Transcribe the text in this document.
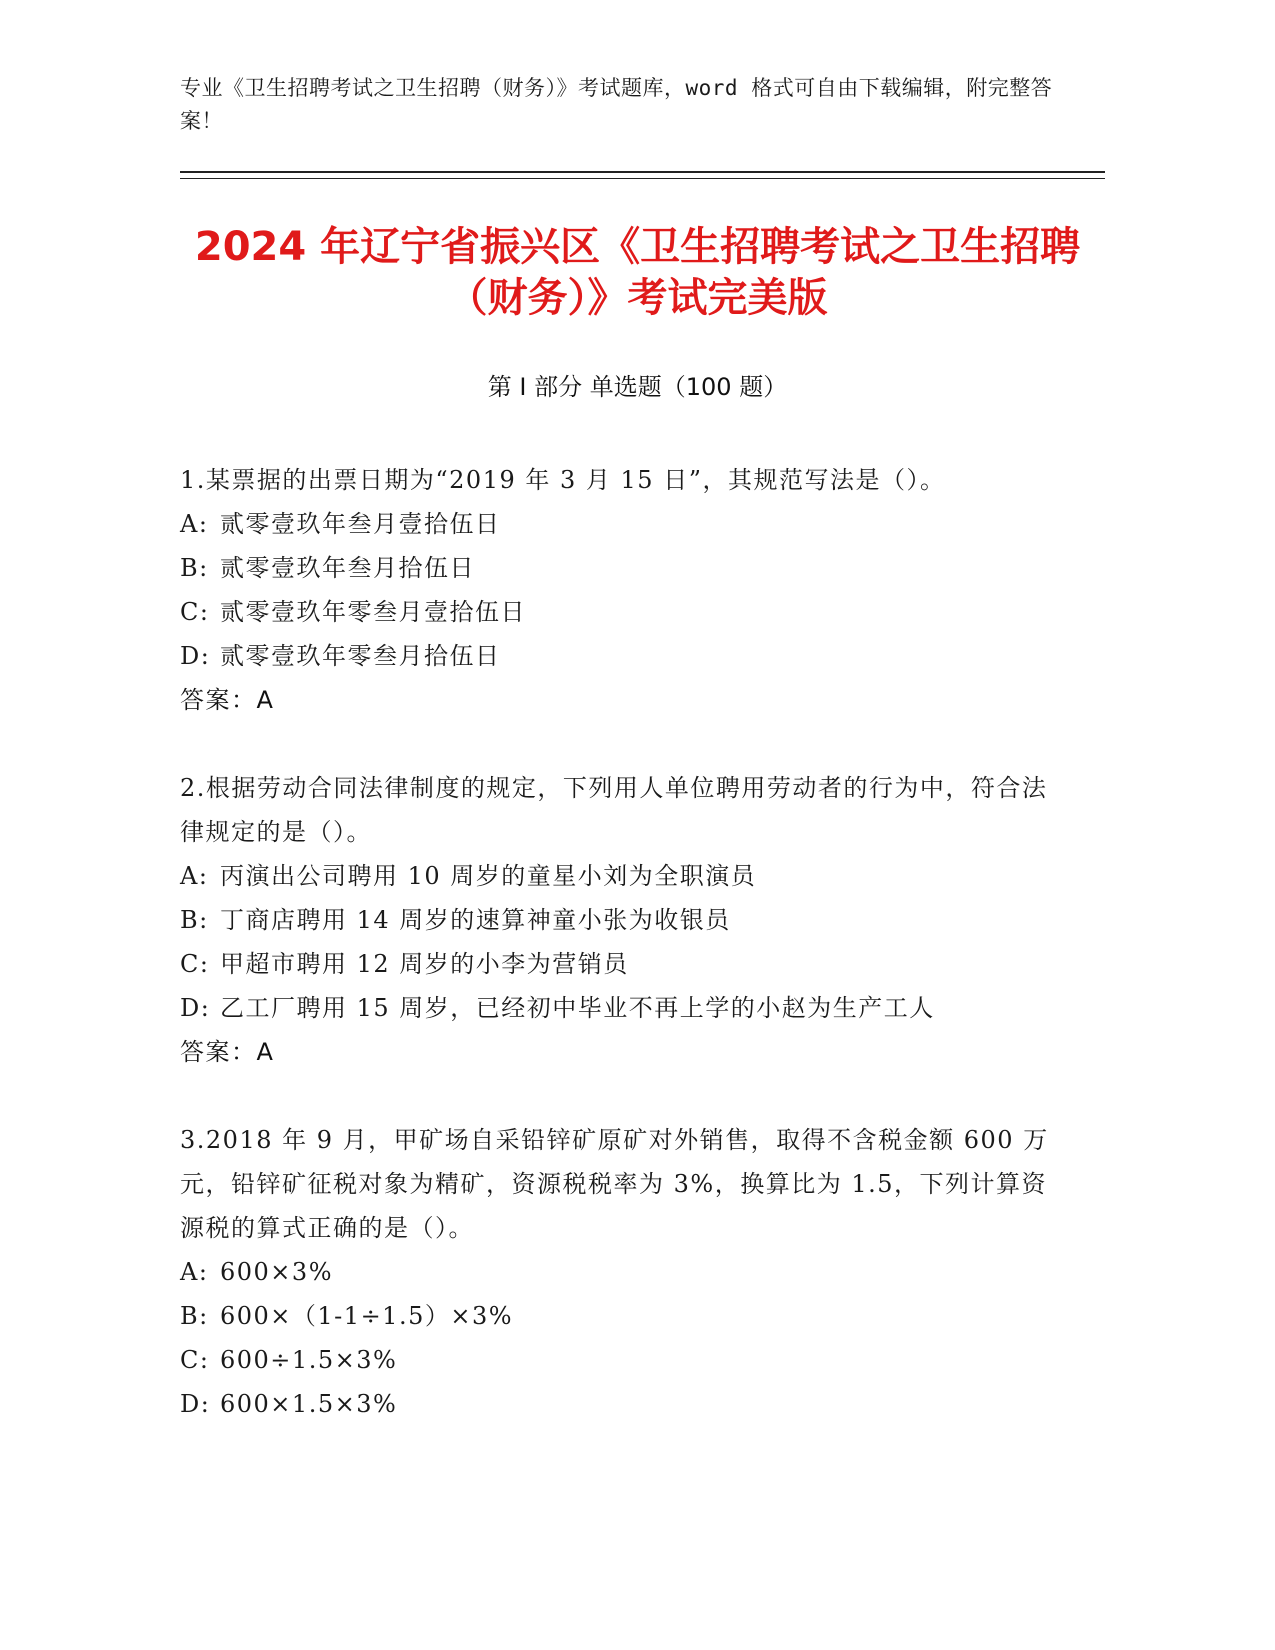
专业《卫生招聘考试之卫生招聘（财务）》考试题库，word 格式可自由下载编辑，附完整答案！
2024 年辽宁省振兴区《卫生招聘考试之卫生招聘（财务）》考试完美版
第 I 部分 单选题（100 题）
1.某票据的出票日期为“2019 年 3 月 15 日”，其规范写法是（）。
A: 贰零壹玖年叁月壹拾伍日
B: 贰零壹玖年叁月拾伍日
C: 贰零壹玖年零叁月壹拾伍日
D: 贰零壹玖年零叁月拾伍日
答案：A
2.根据劳动合同法律制度的规定，下列用人单位聘用劳动者的行为中，符合法律规定的是（）。
A: 丙演出公司聘用 10 周岁的童星小刘为全职演员
B: 丁商店聘用 14 周岁的速算神童小张为收银员
C: 甲超市聘用 12 周岁的小李为营销员
D: 乙工厂聘用 15 周岁，已经初中毕业不再上学的小赵为生产工人
答案：A
3.2018 年 9 月，甲矿场自采铅锌矿原矿对外销售，取得不含税金额 600 万元，铅锌矿征税对象为精矿，资源税税率为 3%，换算比为 1.5，下列计算资源税的算式正确的是（）。
A: 600×3%
B: 600×（1-1÷1.5）×3%
C: 600÷1.5×3%
D: 600×1.5×3%
